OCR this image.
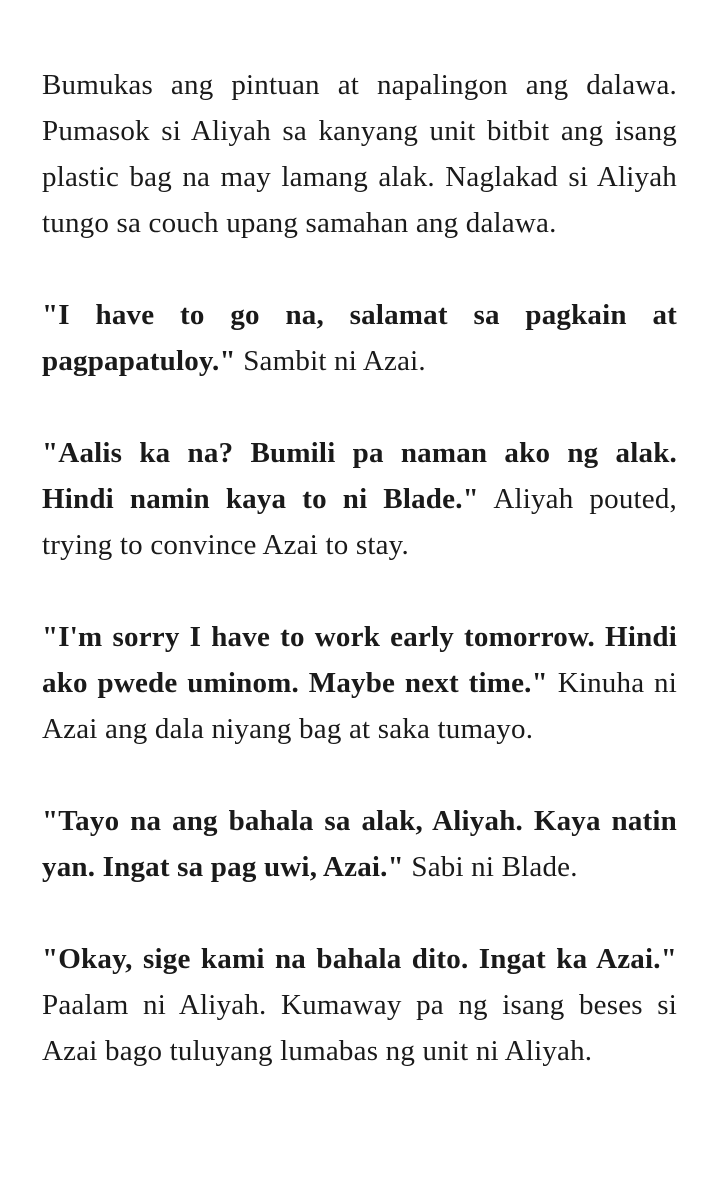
Bumukas ang pintuan at napalingon ang dalawa. Pumasok si Aliyah sa kanyang unit bitbit ang isang plastic bag na may lamang alak. Naglakad si Aliyah tungo sa couch upang samahan ang dalawa.

"I have to go na, salamat sa pagkain at pagpapatuloy." Sambit ni Azai.

"Aalis ka na? Bumili pa naman ako ng alak. Hindi namin kaya to ni Blade." Aliyah pouted, trying to convince Azai to stay.

"I'm sorry I have to work early tomorrow. Hindi ako pwede uminom. Maybe next time." Kinuha ni Azai ang dala niyang bag at saka tumayo.

"Tayo na ang bahala sa alak, Aliyah. Kaya natin yan. Ingat sa pag uwi, Azai." Sabi ni Blade.

"Okay, sige kami na bahala dito. Ingat ka Azai." Paalam ni Aliyah. Kumaway pa ng isang beses si Azai bago tuluyang lumabas ng unit ni Aliyah.
